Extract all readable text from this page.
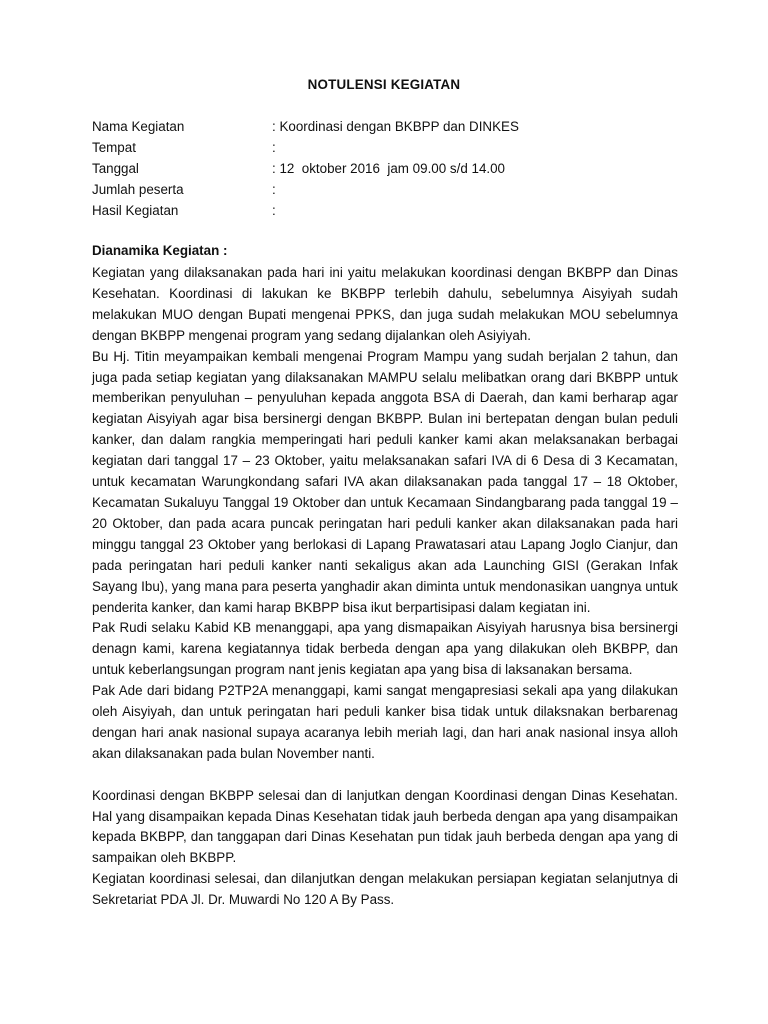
NOTULENSI KEGIATAN
Nama Kegiatan	: Koordinasi dengan BKBPP dan DINKES
Tempat	:
Tanggal	: 12  oktober 2016  jam 09.00 s/d 14.00
Jumlah peserta	:
Hasil Kegiatan	:
Dianamika Kegiatan :

Kegiatan yang dilaksanakan pada hari ini yaitu melakukan koordinasi dengan BKBPP dan Dinas Kesehatan. Koordinasi di lakukan ke BKBPP terlebih dahulu, sebelumnya Aisyiyah sudah melakukan MUO dengan Bupati mengenai PPKS, dan juga sudah melakukan MOU sebelumnya dengan BKBPP mengenai program yang sedang dijalankan oleh Asiyiyah.

Bu Hj. Titin meyampaikan kembali mengenai Program Mampu yang sudah berjalan 2 tahun, dan juga pada setiap kegiatan yang dilaksanakan MAMPU selalu melibatkan orang dari BKBPP untuk memberikan penyuluhan – penyuluhan kepada anggota BSA di Daerah, dan kami berharap agar kegiatan Aisyiyah agar bisa bersinergi dengan BKBPP. Bulan ini bertepatan dengan bulan peduli kanker, dan dalam rangkia memperingati hari peduli kanker kami akan melaksanakan berbagai kegiatan dari tanggal 17 – 23 Oktober, yaitu melaksanakan safari IVA di 6 Desa di 3 Kecamatan, untuk kecamatan Warungkondang safari IVA akan dilaksanakan pada tanggal 17 – 18 Oktober, Kecamatan Sukaluyu Tanggal 19 Oktober dan untuk Kecamaan Sindangbarang pada tanggal 19 – 20 Oktober, dan pada acara puncak peringatan hari peduli kanker akan dilaksanakan pada hari minggu tanggal 23 Oktober yang berlokasi di Lapang Prawatasari atau Lapang Joglo Cianjur, dan pada peringatan hari peduli kanker nanti sekaligus akan ada Launching GISI (Gerakan Infak Sayang Ibu), yang mana para peserta yanghadir akan diminta untuk mendonasikan uangnya untuk penderita kanker, dan kami harap BKBPP bisa ikut berpartisipasi dalam kegiatan ini.

Pak Rudi selaku Kabid KB menanggapi, apa yang dismapaikan Aisyiyah harusnya bisa bersinergi denagn kami, karena kegiatannya tidak berbeda dengan apa yang dilakukan oleh BKBPP, dan untuk keberlangsungan program nant jenis kegiatan apa yang bisa di laksanakan bersama.

Pak Ade dari bidang P2TP2A menanggapi, kami sangat mengapresiasi sekali apa yang dilakukan oleh Aisyiyah, dan untuk peringatan hari peduli kanker bisa tidak untuk dilaksnakan berbarenag dengan hari anak nasional supaya acaranya lebih meriah lagi, dan hari anak nasional insya alloh akan dilaksanakan pada bulan November nanti.

Koordinasi dengan BKBPP selesai dan di lanjutkan dengan Koordinasi dengan Dinas Kesehatan. Hal yang disampaikan kepada Dinas Kesehatan tidak jauh berbeda dengan apa yang disampaikan kepada BKBPP, dan tanggapan dari Dinas Kesehatan pun tidak jauh berbeda dengan apa yang di sampaikan oleh BKBPP.

Kegiatan koordinasi selesai, dan dilanjutkan dengan melakukan persiapan kegiatan selanjutnya di Sekretariat PDA Jl. Dr. Muwardi No 120 A By Pass.
